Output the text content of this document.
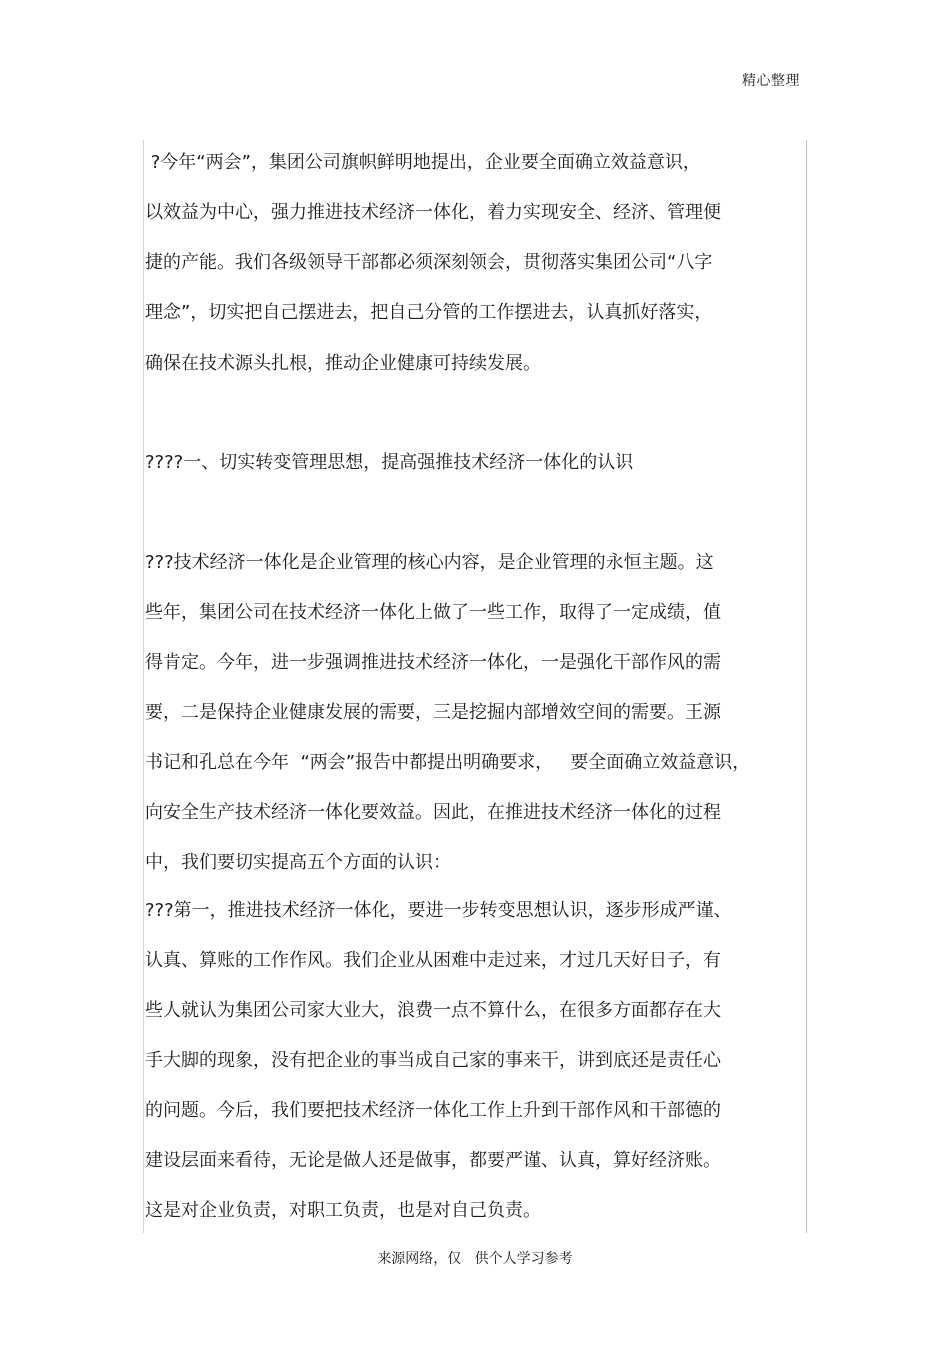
精心整理
?今年“两会”，集团公司旗帜鲜明地提出，企业要全面确立效益意识，
以效益为中心，强力推进技术经济一体化，着力实现安全、经济、管理便
捷的产能。我们各级领导干部都必须深刻领会，贯彻落实集团公司“八字
理念”，切实把自己摆进去，把自己分管的工作摆进去，认真抓好落实，
确保在技术源头扎根，推动企业健康可持续发展。
????一、切实转变管理思想，提高强推技术经济一体化的认识
???技术经济一体化是企业管理的核心内容，是企业管理的永恒主题。这
些年，集团公司在技术经济一体化上做了一些工作，取得了一定成绩，值
得肯定。今年，进一步强调推进技术经济一体化，一是强化干部作风的需
要，二是保持企业健康发展的需要，三是挖掘内部增效空间的需要。王源
书记和孔总在今年  “两会”报告中都提出明确要求，   要全面确立效益意识，
向安全生产技术经济一体化要效益。因此，在推进技术经济一体化的过程
中，我们要切实提高五个方面的认识：
???第一，推进技术经济一体化，要进一步转变思想认识，逐步形成严谨、
认真、算账的工作作风。我们企业从困难中走过来，才过几天好日子，有
些人就认为集团公司家大业大，浪费一点不算什么，在很多方面都存在大
手大脚的现象，没有把企业的事当成自己家的事来干，讲到底还是责任心
的问题。今后，我们要把技术经济一体化工作上升到干部作风和干部德的
建设层面来看待，无论是做人还是做事，都要严谨、认真，算好经济账。
这是对企业负责，对职工负责，也是对自己负责。
来源网络，仅   供个人学习参考
